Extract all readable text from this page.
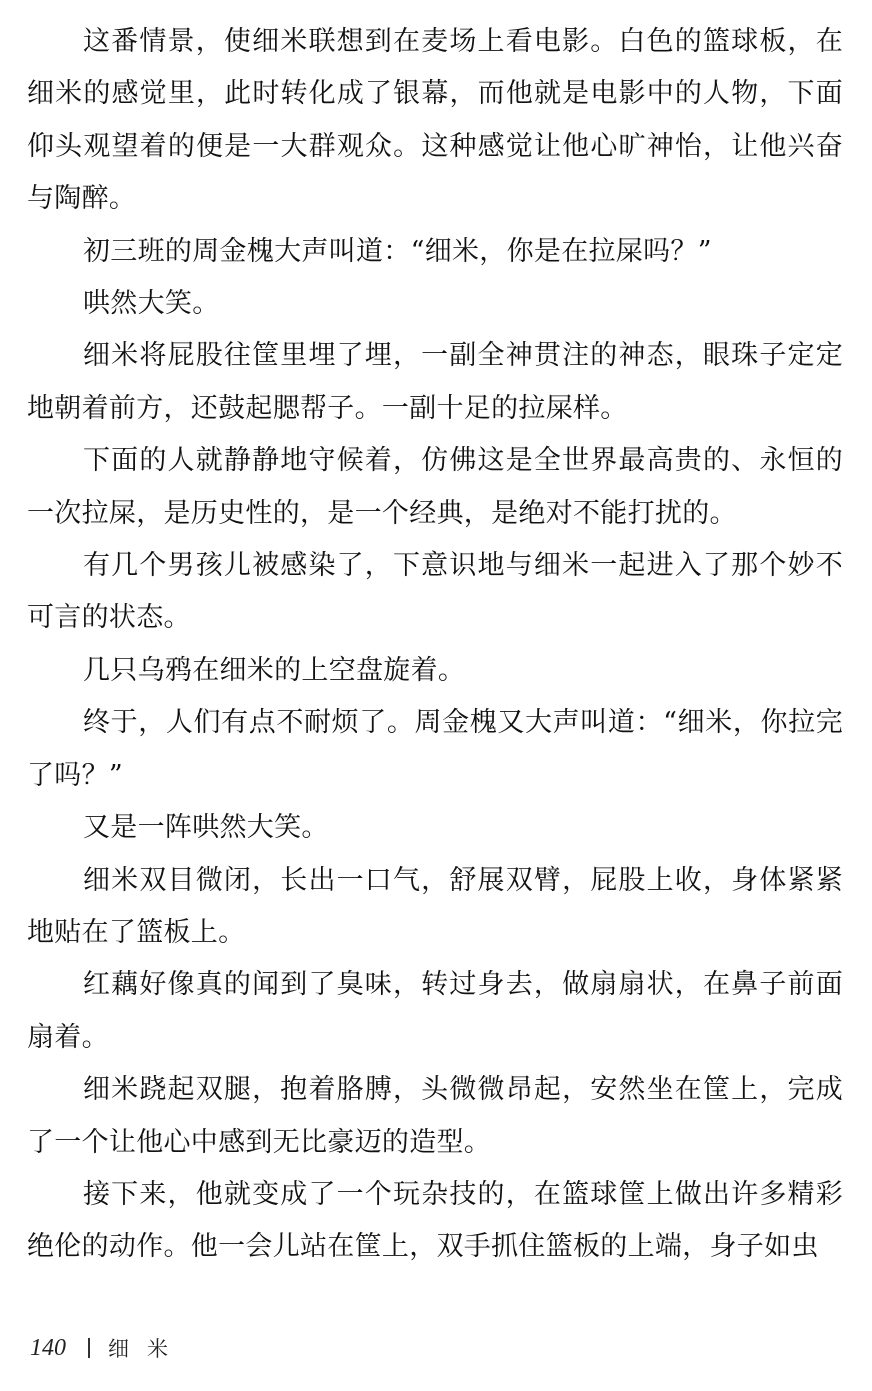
这番情景，使细米联想到在麦场上看电影。白色的篮球板，在细米的感觉里，此时转化成了银幕，而他就是电影中的人物，下面仰头观望着的便是一大群观众。这种感觉让他心旷神怡，让他兴奋与陶醉。

初三班的周金槐大声叫道：“细米，你是在拉屎吗？”

哄然大笑。

细米将屁股往筐里埋了埋，一副全神贯注的神态，眼珠子定定地朝着前方，还鼓起腮帮子。一副十足的拉屎样。

下面的人就静静地守候着，仿佛这是全世界最高贵的、永恒的一次拉屎，是历史性的，是一个经典，是绝对不能打扰的。

有几个男孩儿被感染了，下意识地与细米一起进入了那个妙不可言的状态。

几只乌鸦在细米的上空盘旋着。

终于，人们有点不耐烦了。周金槐又大声叫道：“细米，你拉完了吗？”

又是一阵哄然大笑。

细米双目微闭，长出一口气，舒展双臂，屁股上收，身体紧紧地贴在了篮板上。

红藕好像真的闻到了臭味，转过身去，做扇扇状，在鼻子前面扇着。

细米跷起双腿，抱着胳膊，头微微昂起，安然坐在筐上，完成了一个让他心中感到无比豪迈的造型。

接下来，他就变成了一个玩杂技的，在篮球筐上做出许多精彩绝伦的动作。他一会儿站在筐上，双手抓住篮板的上端，身子如虫

140 细米
